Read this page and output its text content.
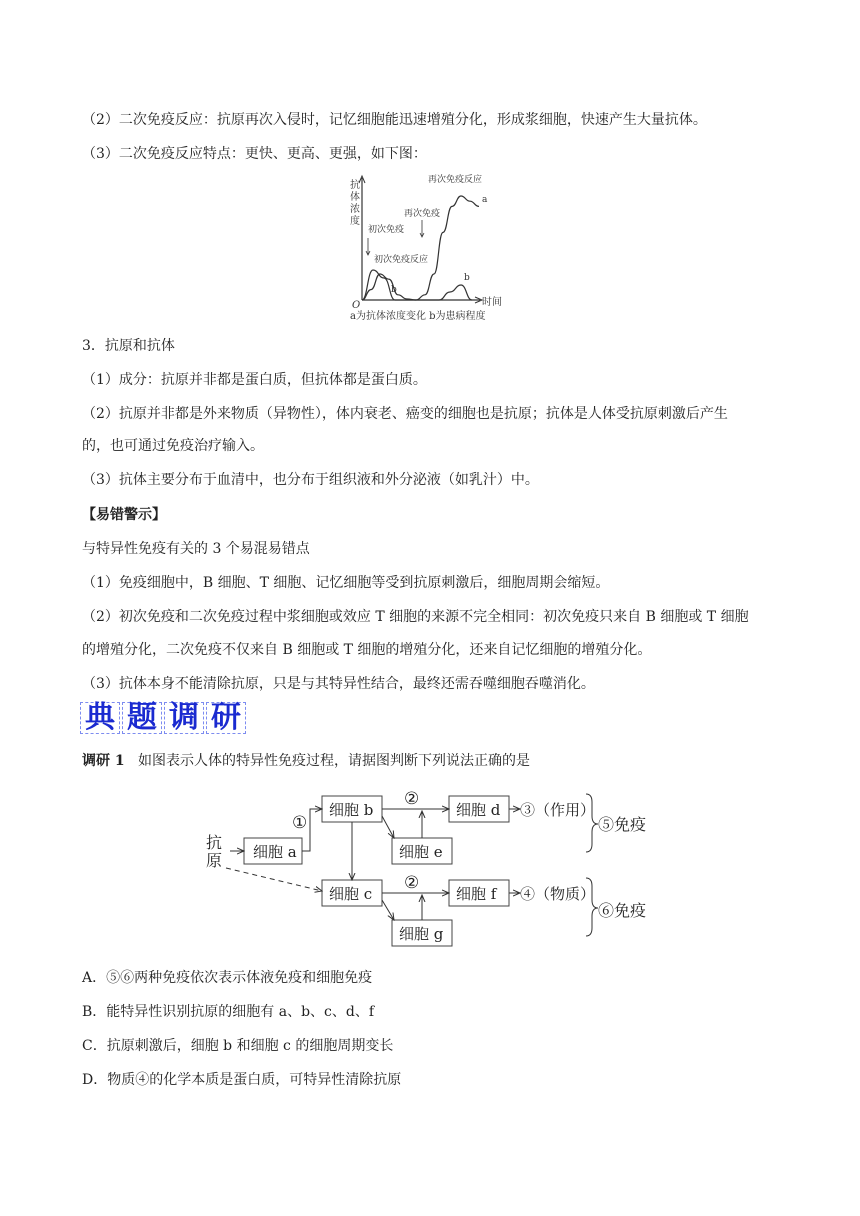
（2）二次免疫反应：抗原再次入侵时，记忆细胞能迅速增殖分化，形成浆细胞，快速产生大量抗体。
（3）二次免疫反应特点：更快、更高、更强，如下图：
抗
体
浓
度
O	时间
初次免疫
初次免疫反应
再次免疫
再次免疫反应
a
b
b
a为抗体浓度变化 b为患病程度
3．抗原和抗体
（1）成分：抗原并非都是蛋白质，但抗体都是蛋白质。
（2）抗原并非都是外来物质（异物性），体内衰老、癌变的细胞也是抗原；抗体是人体受抗原刺激后产生
的，也可通过免疫治疗输入。
（3）抗体主要分布于血清中，也分布于组织液和外分泌液（如乳汁）中。
【易错警示】
与特异性免疫有关的 3 个易混易错点
（1）免疫细胞中，B 细胞、T 细胞、记忆细胞等受到抗原刺激后，细胞周期会缩短。
（2）初次免疫和二次免疫过程中浆细胞或效应 T 细胞的来源不完全相同：初次免疫只来自 B 细胞或 T 细胞
的增殖分化，二次免疫不仅来自 B 细胞或 T 细胞的增殖分化，还来自记忆细胞的增殖分化。
（3）抗体本身不能清除抗原，只是与其特异性结合，最终还需吞噬细胞吞噬消化。
典 题 调 研
调研 1 如图表示人体的特异性免疫过程，请据图判断下列说法正确的是
抗
原 细胞 a
细胞 b
细胞 e
细胞 d
细胞 c
细胞 g
细胞 f
①
②
②
③（作用）
④（物质）
⑤免疫
⑥免疫
A．⑤⑥两种免疫依次表示体液免疫和细胞免疫
B．能特异性识别抗原的细胞有 a、b、c、d、f
C．抗原刺激后，细胞 b 和细胞 c 的细胞周期变长
D．物质④的化学本质是蛋白质，可特异性清除抗原
